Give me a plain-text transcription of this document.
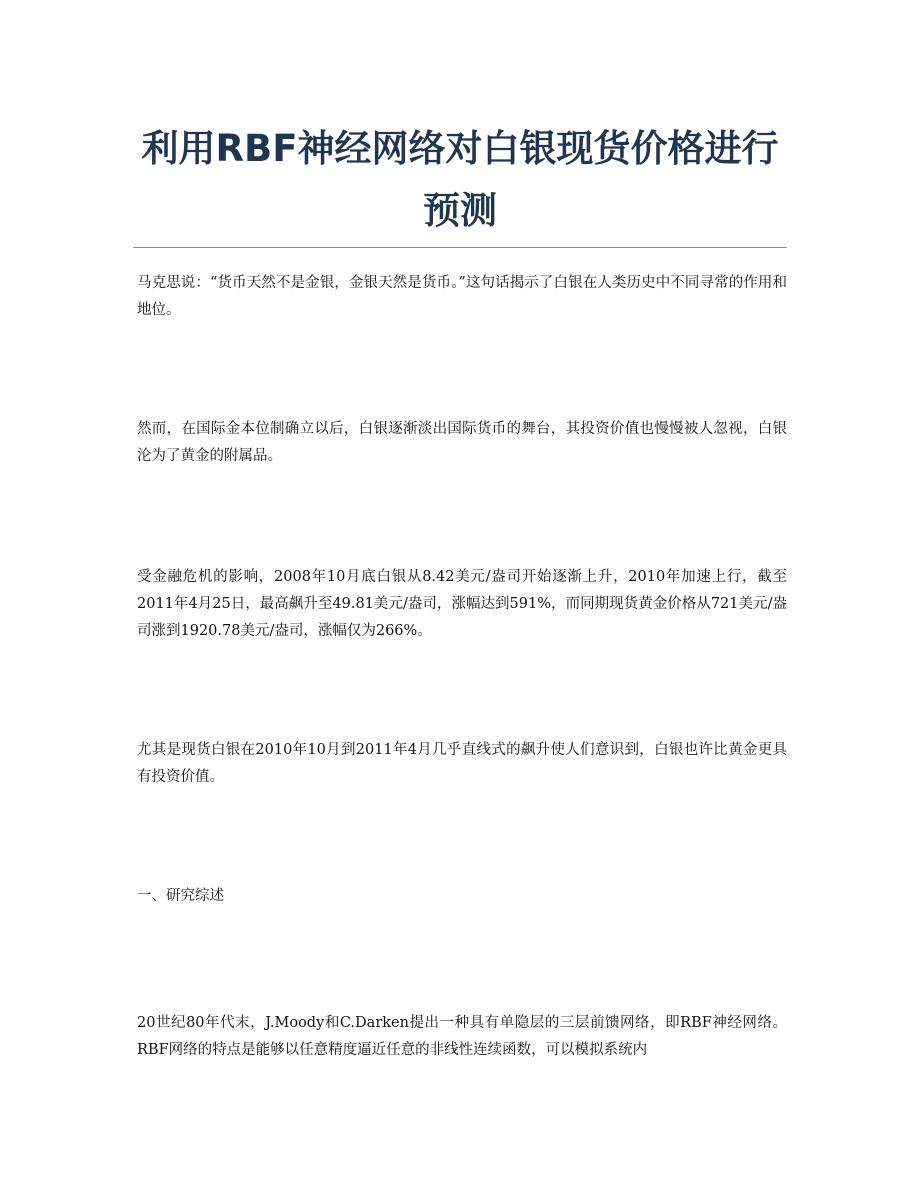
利用RBF神经网络对白银现货价格进行预测

马克思说：“货币天然不是金银，金银天然是货币。”这句话揭示了白银在人类历史中不同寻常的作用和地位。

然而，在国际金本位制确立以后，白银逐渐淡出国际货币的舞台，其投资价值也慢慢被人忽视，白银沦为了黄金的附属品。

受金融危机的影响，2008年10月底白银从8.42美元/盎司开始逐渐上升，2010年加速上行，截至2011年4月25日，最高飙升至49.81美元/盎司，涨幅达到591%，而同期现货黄金价格从721美元/盎司涨到1920.78美元/盎司，涨幅仅为266%。

尤其是现货白银在2010年10月到2011年4月几乎直线式的飙升使人们意识到，白银也许比黄金更具有投资价值。

一、研究综述

20世纪80年代末，J.Moody和C.Darken提出一种具有单隐层的三层前馈网络，即RBF神经网络。RBF网络的特点是能够以任意精度逼近任意的非线性连续函数，可以模拟系统内
